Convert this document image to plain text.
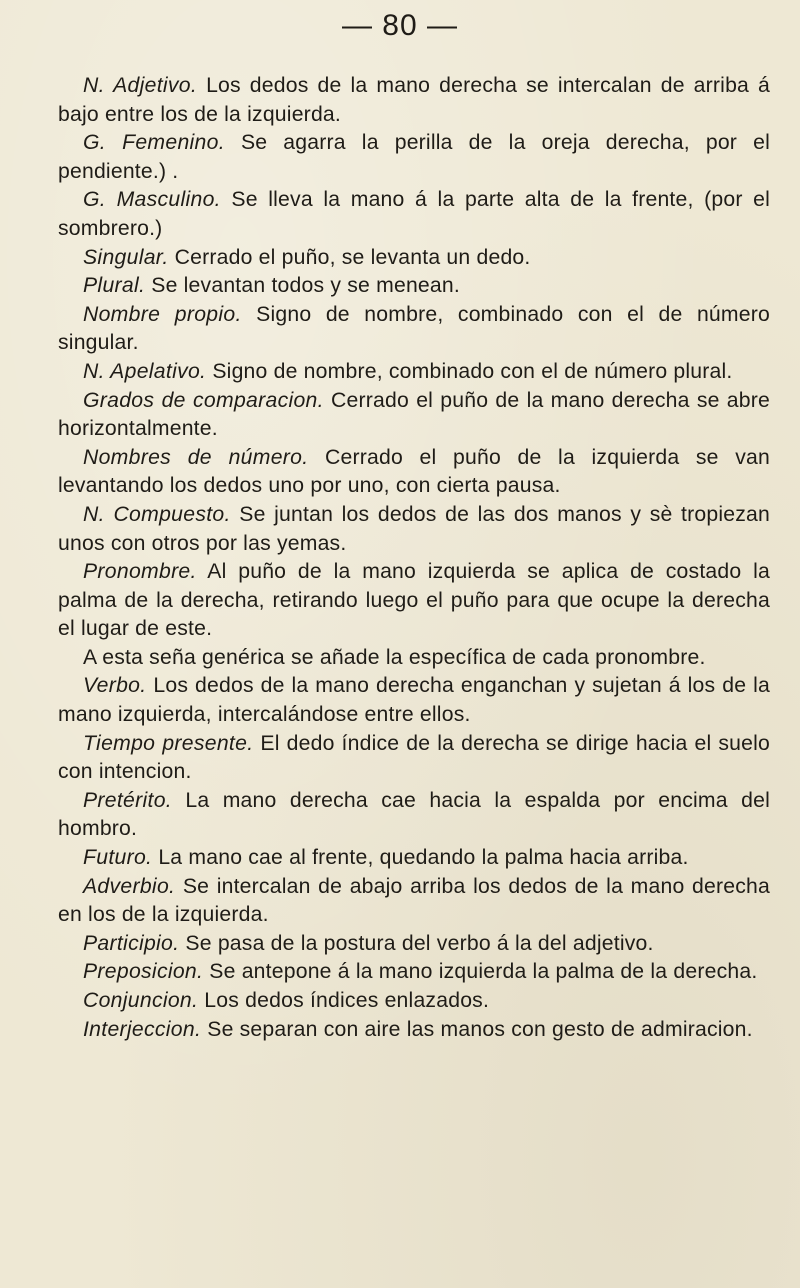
— 80 —

N. Adjetivo. Los dedos de la mano derecha se intercalan de arriba á bajo entre los de la izquierda.

G. Femenino. Se agarra la perilla de la oreja derecha, por el pendiente.) .

G. Masculino. Se lleva la mano á la parte alta de la frente, (por el sombrero.)

Singular. Cerrado el puño, se levanta un dedo.

Plural. Se levantan todos y se menean.

Nombre propio. Signo de nombre, combinado con el de número singular.

N. Apelativo. Signo de nombre, combinado con el de número plural.

Grados de comparacion. Cerrado el puño de la mano derecha se abre horizontalmente.

Nombres de número. Cerrado el puño de la izquierda se van levantando los dedos uno por uno, con cierta pausa.

N. Compuesto. Se juntan los dedos de las dos manos y sè tropiezan unos con otros por las yemas.

Pronombre. Al puño de la mano izquierda se aplica de costado la palma de la derecha, retirando luego el puño para que ocupe la derecha el lugar de este.

A esta seña genérica se añade la específica de cada pronombre.

Verbo. Los dedos de la mano derecha enganchan y sujetan á los de la mano izquierda, intercalándose entre ellos.

Tiempo presente. El dedo índice de la derecha se dirige hacia el suelo con intencion.

Pretérito. La mano derecha cae hacia la espalda por encima del hombro.

Futuro. La mano cae al frente, quedando la palma hacia arriba.

Adverbio. Se intercalan de abajo arriba los dedos de la mano derecha en los de la izquierda.

Participio. Se pasa de la postura del verbo á la del adjetivo.

Preposicion. Se antepone á la mano izquierda la palma de la derecha.

Conjuncion. Los dedos índices enlazados.

Interjeccion. Se separan con aire las manos con gesto de admiracion.
